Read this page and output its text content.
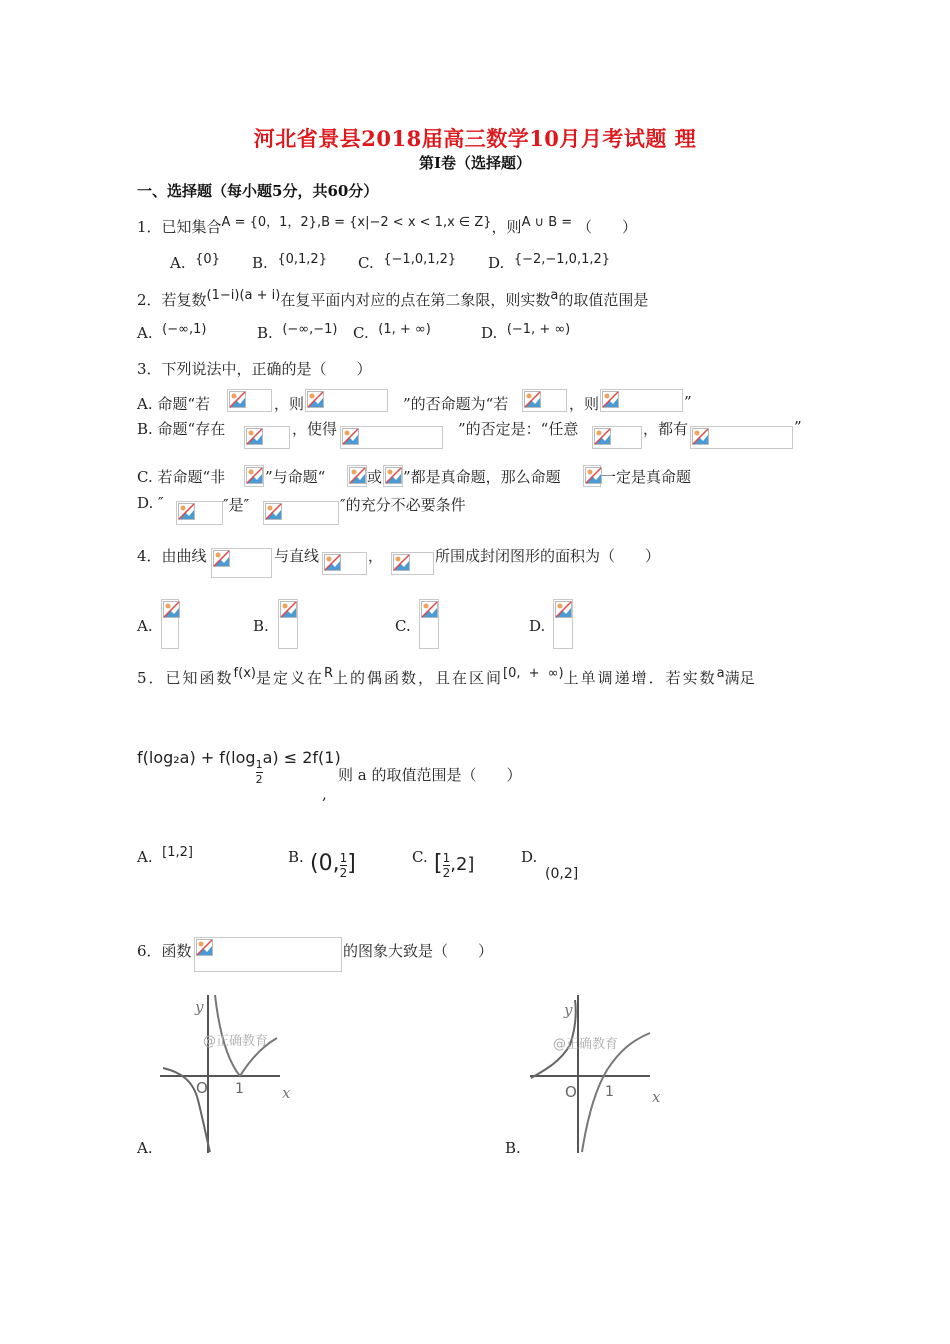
河北省景县2018届高三数学10月月考试题 理
第Ⅰ卷（选择题）
一、选择题（每小题5分，共60分）
1．已知集合A = {0，1，2},B = {x|−2 < x < 1,x ∈ Z}，则A ∪ B = （　　）
A. {0} B. {0,1,2} C. {−1,0,1,2} D. {−2,−1,0,1,2}
2．若复数(1−i)(a + i)在复平面内对应的点在第二象限，则实数a的取值范围是
A. (−∞,1)	B. (−∞,−1) C. (1, + ∞)	D. (−1, + ∞)
3．下列说法中，正确的是（　　）
A. 命题“若	，则	”的否命题为“若	，则	”
B. 命题“存在	，使得	”的否定是：“任意	，都有	”
C. 若命题“非	”与命题“	或 ”都是真命题，那么命题	一定是真命题
D. ″	″是″	″的充分不必要条件
4．由曲线	与直线	，	所围成封闭图形的面积为（　　）
A.	B.	C.	D.
5．已知函数f(x)是定义在R上的偶函数，且在区间[0, + ∞)上单调递增．若实数a满足
f(log₂a) + f(log
$\frac{1}{2}$
a) ≤ 2f(1)
,
则 a 的取值范围是（　　）
A. [1,2]	B. (0, $\frac{1}{2}$ ]	C. [ $\frac{1}{2} ,2$]	D.
(0,2]
6．函数	的图象大致是（　　）
y
O 1	x
@正确教育
A.
y
O 1	x
@正确教育
B.
